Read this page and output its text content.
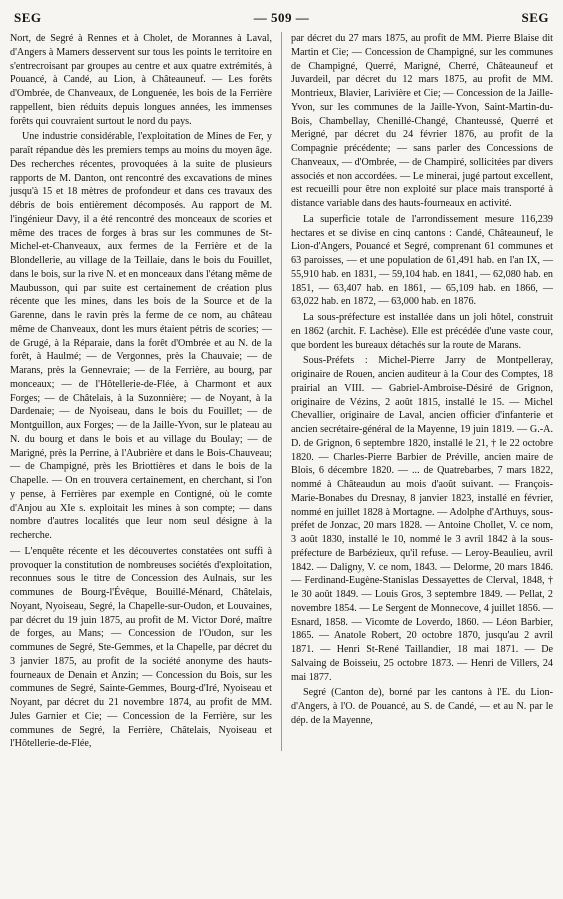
SEG	— 509 —	SEG

Nort, de Segré à Rennes et à Cholet, de Morannes à Laval, d'Angers à Mamers desservent sur tous les points le territoire en s'entrecroisant par groupes au centre et aux quatre extrémités, à Pouancé, à Candé, au Lion, à Châteauneuf. — Les forêts d'Ombrée, de Chanveaux, de Longuenée, les bois de la Ferrière rappellent, bien réduits depuis longues années, les immenses forêts qui couvraient surtout le nord du pays.

Une industrie considérable, l'exploitation de Mines de Fer, y paraît répandue dès les premiers temps au moins du moyen âge. Des recherches récentes, provoquées à la suite de plusieurs rapports de M. Danton, ont rencontré des excavations de mines jusqu'à 15 et 18 mètres de profondeur et dans ces travaux des débris de bois entièrement décomposés. Au rapport de M. l'ingénieur Davy, il a été rencontré des monceaux de scories et même des traces de forges à bras sur les communes de St-Michel-et-Chanveaux, aux fermes de la Ferrière et de la Blondellerie, au village de la Teillaie, dans le bois du Fouillet, dans le bois, sur la rive N. et en monceaux dans l'étang même de Maubusson, qui par suite est certainement de création plus récente que les mines, dans les bois de la Source et de la Garenne, dans le ravin près la ferme de ce nom, au château même de Chanveaux, dont les murs étaient pétris de scories; — de Grugé, à la Réparaie, dans la forêt d'Ombrée et au N. de la forêt, à Haulmé; — de Vergonnes, près la Chauvaie; — de Marans, près la Gennevraie; — de la Ferrière, au bourg, par monceaux; — de l'Hôtellerie-de-Flée, à Charmont et aux Forges; — de Châtelais, à la Suzonnière; — de Noyant, à la Dardenaie; — de Nyoiseau, dans le bois du Fouillet; — de Montguillon, aux Forges; — de la Jaille-Yvon, sur le plateau au N. du bourg et dans le bois et au village du Boulay; — de Marigné, près la Perrine, à l'Aubrière et dans le Bois-Chauveau; — de Champigné, près les Briottières et dans le bois de la Chapelle. — On en trouvera certainement, en cherchant, si l'on y pense, à Ferrières par exemple en Contigné, où le comte d'Anjou au XIe s. exploitait les mines à son compte; — dans nombre d'autres localités que leur nom seul désigne à la recherche.

— L'enquête récente et les découvertes constatées ont suffi à provoquer la constitution de nombreuses sociétés d'exploitation, reconnues sous le titre de Concession des Aulnais, sur les communes de Bourg-l'Évêque, Bouillé-Ménard, Châtelais, Noyant, Nyoiseau, Segré, la Chapelle-sur-Oudon, et Louvaines, par décret du 19 juin 1875, au profit de M. Victor Doré, maître de forges, au Mans; — Concession de l'Oudon, sur les communes de Segré, Ste-Gemmes, et la Chapelle, par décret du 3 janvier 1875, au profit de la société anonyme des hauts-fourneaux de Denain et Anzin; — Concession du Bois, sur les communes de Segré, Sainte-Gemmes, Bourg-d'Iré, Nyoiseau et Noyant, par décret du 21 novembre 1874, au profit de MM. Jules Garnier et Cie; — Concession de la Ferrière, sur les communes de Segré, la Ferrière, Châtelais, Nyoiseau et l'Hôtellerie-de-Flée,

par décret du 27 mars 1875, au profit de MM. Pierre Blaise dit Martin et Cie; — Concession de Champigné, sur les communes de Champigné, Querré, Marigné, Cherré, Châteauneuf et Juvardeil, par décret du 12 mars 1875, au profit de MM. Montrieux, Blavier, Larivière et Cie; — Concession de la Jaille-Yvon, sur les communes de la Jaille-Yvon, Saint-Martin-du-Bois, Chambellay, Chenillé-Changé, Chanteussé, Querré et Merigné, par décret du 24 février 1876, au profit de la Compagnie précédente; — sans parler des Concessions de Chanveaux, — d'Ombrée, — de Champiré, sollicitées par divers associés et non accordées. — Le minerai, jugé partout excellent, est recueilli pour être non exploité sur place mais transporté à distance variable dans des hauts-fourneaux en activité.

La superficie totale de l'arrondissement mesure 116,239 hectares et se divise en cinq cantons : Candé, Châteauneuf, le Lion-d'Angers, Pouancé et Segré, comprenant 61 communes et 63 paroisses, — et une population de 61,491 hab. en l'an IX, — 55,910 hab. en 1831, — 59,104 hab. en 1841, — 62,080 hab. en 1851, — 63,407 hab. en 1861, — 65,109 hab. en 1866, — 63,022 hab. en 1872, — 63,000 hab. en 1876.

La sous-préfecture est installée dans un joli hôtel, construit en 1862 (archit. F. Lachèse). Elle est précédée d'une vaste cour, que bordent les bureaux détachés sur la route de Marans.

Sous-Préfets : Michel-Pierre Jarry de Montpelleray, originaire de Rouen, ancien auditeur à la Cour des Comptes, 18 prairial an VIII. — Gabriel-Ambroise-Désiré de Grignon, originaire de Vézins, 2 août 1815, installé le 15. — Michel Chevallier, originaire de Laval, ancien officier d'infanterie et ancien secrétaire-général de la Mayenne, 19 juin 1819. — G.-A. D. de Grignon, 6 septembre 1820, installé le 21, † le 22 octobre 1820. — Charles-Pierre Barbier de Préville, ancien maire de Blois, 6 décembre 1820. — ... de Quatrebarbes, 7 mars 1822, nommé à Châteaudun au mois d'août suivant. — François-Marie-Bonabes du Dresnay, 8 janvier 1823, installé en février, nommé en juillet 1828 à Mortagne. — Adolphe d'Arthuys, sous-préfet de Jonzac, 20 mars 1828. — Antoine Chollet, V. ce nom, 3 août 1830, installé le 10, nommé le 3 avril 1842 à la sous-préfecture de Barbézieux, qu'il refuse. — Leroy-Beaulieu, avril 1842. — Daligny, V. ce nom, 1843. — Delorme, 20 mars 1846. — Ferdinand-Eugène-Stanislas Dessayettes de Clerval, 1848, † le 30 août 1849. — Louis Gros, 3 septembre 1849. — Pellat, 2 novembre 1854. — Le Sergent de Monnecove, 4 juillet 1856. — Esnard, 1858. — Vicomte de Loverdo, 1860. — Léon Barbier, 1865. — Anatole Robert, 20 octobre 1870, jusqu'au 2 avril 1871. — Henri St-René Taillandier, 18 mai 1871. — De Salvaing de Boisseiu, 25 octobre 1873. — Henri de Villers, 24 mai 1877.

Segré (Canton de), borné par les cantons à l'E. du Lion-d'Angers, à l'O. de Pouancé, au S. de Candé, — et au N. par le dép. de la Mayenne,
